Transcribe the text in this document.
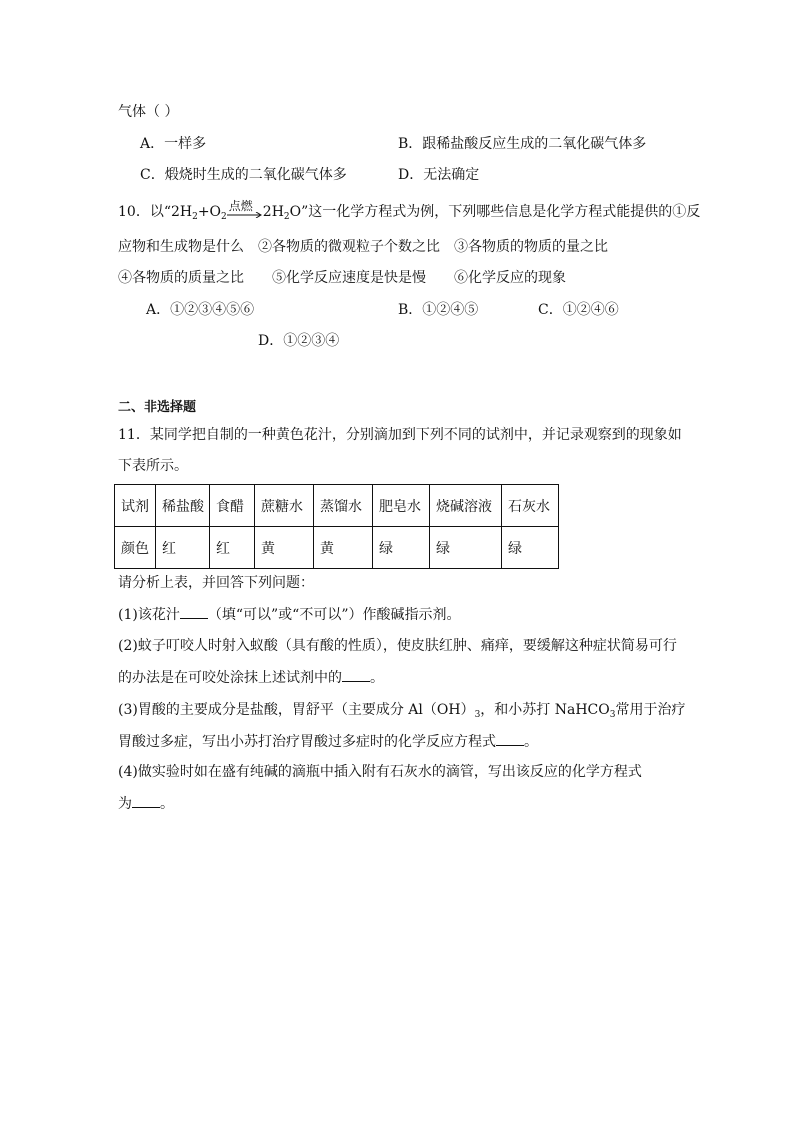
气体（ ）
A．一样多	B．跟稀盐酸反应生成的二氧化碳气体多
C．煅烧时生成的二氧化碳气体多	D．无法确定
10．以“$2H_2+O_2$
点燃 $2H_2O$”这一化学方程式为例，下列哪些信息是化学方程式能提供的①反
应物和生成物是什么　②各物质的微观粒子个数之比　③各物质的物质的量之比
④各物质的质量之比　　⑤化学反应速度是快是慢　　⑥化学反应的现象
A．①②③④⑤⑥	B．①②④⑤	C．①②④⑥
D．①②③④
二、非选择题
11．某同学把自制的一种黄色花汁，分别滴加到下列不同的试剂中，并记录观察到的现象如
下表所示。
试剂	稀盐酸	食醋	蔗糖水	蒸馏水	肥皂水	烧碱溶液	石灰水
颜色	红	红	黄	黄	绿	绿	绿
请分析上表，并回答下列问题：
(1)该花汁 （填“可以”或“不可以”）作酸碱指示剂。
(2)蚊子叮咬人时射入蚁酸（具有酸的性质），使皮肤红肿、痛痒，要缓解这种症状简易可行
的办法是在可咬处涂抹上述试剂中的 。
(3)胃酸的主要成分是盐酸，胃舒平（主要成分 $Al(OH)_3$，和小苏打 NaHCO$_3$常用于治疗
胃酸过多症，写出小苏打治疗胃酸过多症时的化学反应方程式 。
(4)做实验时如在盛有纯碱的滴瓶中插入附有石灰水的滴管，写出该反应的化学方程式
为 。
